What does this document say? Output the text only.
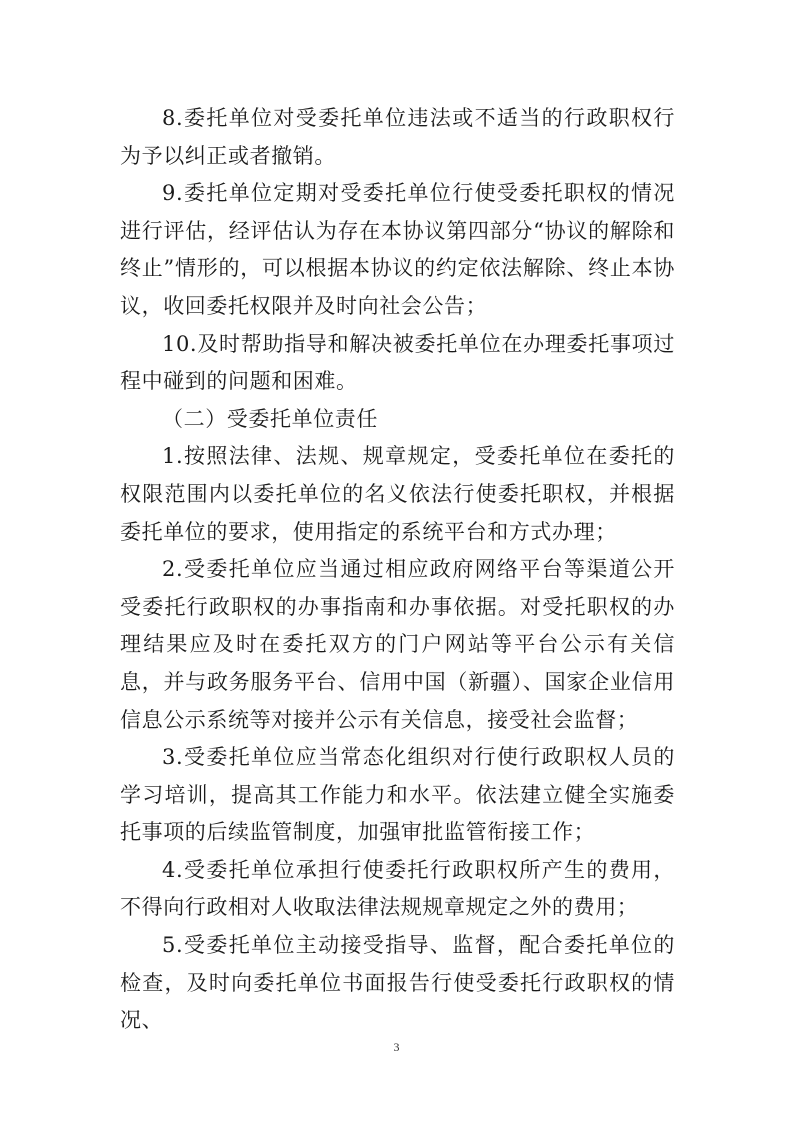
8.委托单位对受委托单位违法或不适当的行政职权行为予以纠正或者撤销。

9.委托单位定期对受委托单位行使受委托职权的情况进行评估，经评估认为存在本协议第四部分“协议的解除和终止”情形的，可以根据本协议的约定依法解除、终止本协议，收回委托权限并及时向社会公告；

10.及时帮助指导和解决被委托单位在办理委托事项过程中碰到的问题和困难。

（二）受委托单位责任

1.按照法律、法规、规章规定，受委托单位在委托的权限范围内以委托单位的名义依法行使委托职权，并根据委托单位的要求，使用指定的系统平台和方式办理；

2.受委托单位应当通过相应政府网络平台等渠道公开受委托行政职权的办事指南和办事依据。对受托职权的办理结果应及时在委托双方的门户网站等平台公示有关信息，并与政务服务平台、信用中国（新疆）、国家企业信用信息公示系统等对接并公示有关信息，接受社会监督；

3.受委托单位应当常态化组织对行使行政职权人员的学习培训，提高其工作能力和水平。依法建立健全实施委托事项的后续监管制度，加强审批监管衔接工作；

4.受委托单位承担行使委托行政职权所产生的费用，不得向行政相对人收取法律法规规章规定之外的费用；

5.受委托单位主动接受指导、监督，配合委托单位的检查，及时向委托单位书面报告行使受委托行政职权的情况、

3
